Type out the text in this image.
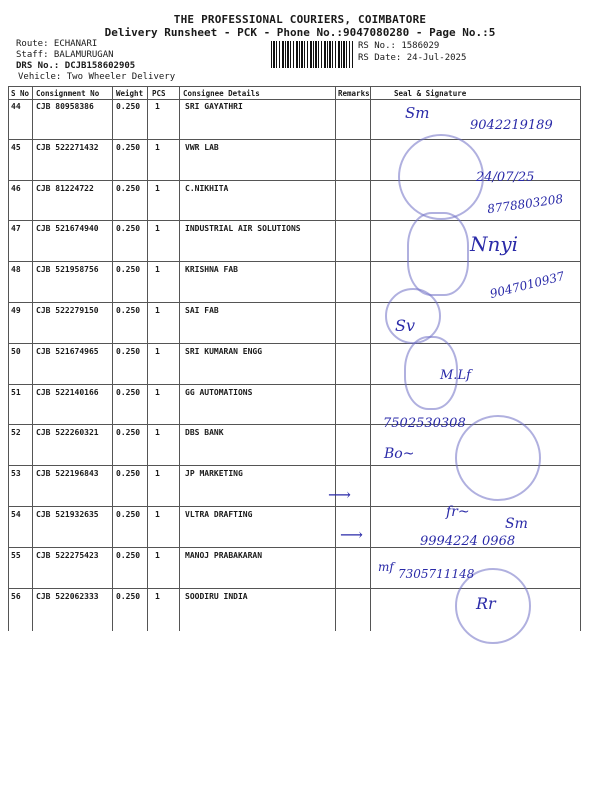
THE PROFESSIONAL COURIERS, COIMBATORE
Delivery Runsheet - PCK - Phone No.:9047080280 - Page No.:5
Route: ECHANARI
Staff: BALAMURUGAN
DRS No.: DCJB158602905
Vehicle: Two Wheeler Delivery
RS No.: 1586029
RS Date: 24-Jul-2025
S No Consignment No Weight PCS Consignee Details	Remarks	Seal & Signature
44 CJB 80958386	0.250 1	SRI GAYATHRI
45 CJB 522271432 0.250 1	VWR LAB
46 CJB 81224722	0.250 1	C.NIKHITA
47 CJB 521674940 0.250 1	INDUSTRIAL AIR SOLUTIONS
48 CJB 521958756 0.250 1	KRISHNA FAB
49 CJB 522279150 0.250 1	SAI FAB
50 CJB 521674965 0.250 1	SRI KUMARAN ENGG
51 CJB 522140166 0.250 1	GG AUTOMATIONS
52 CJB 522260321 0.250 1	DBS BANK
53 CJB 522196843 0.250 1	JP MARKETING
54 CJB 521932635 0.250 1	VLTRA DRAFTING
55 CJB 522275423 0.250 1	MANOJ PRABAKARAN
56 CJB 522062333 0.250 1	SOODIRU INDIA
Sm
9042219189
24/07/25
8778803208
Nnyi
9047010937
Sv
M.Lf
7502530308
Bo~
⟶
fr~
Sm
⟶	9994224 0968
mf 7305711148
Rr
